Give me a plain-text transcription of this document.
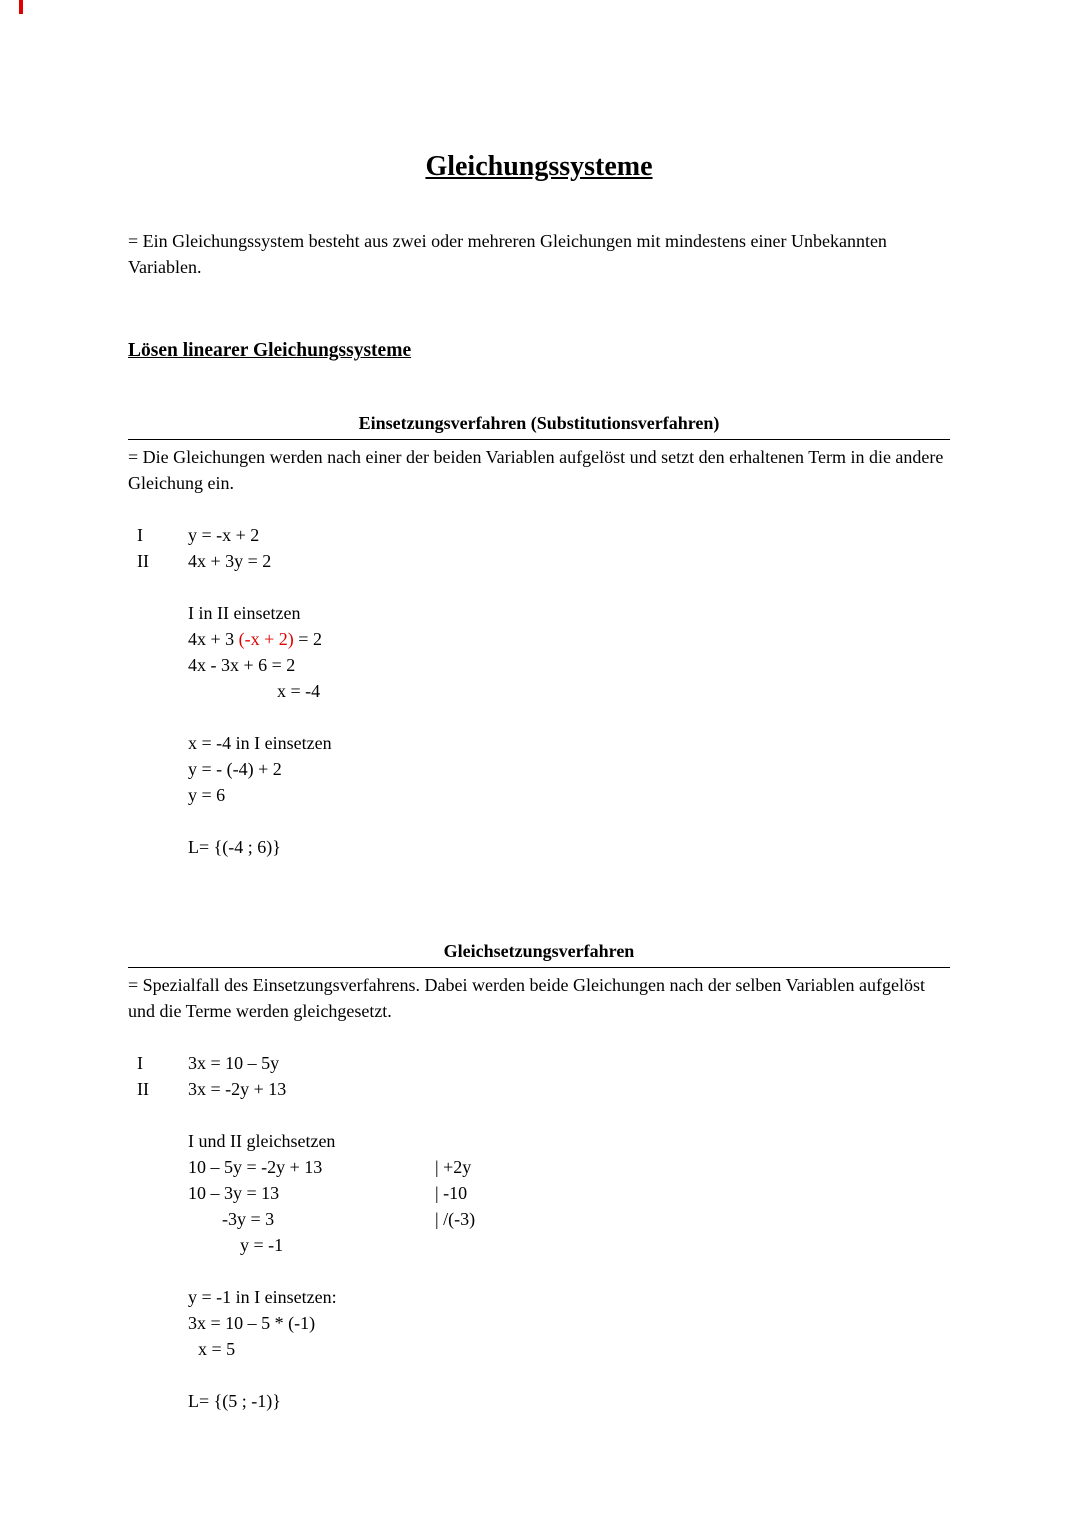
Gleichungssysteme

= Ein Gleichungssystem besteht aus zwei oder mehreren Gleichungen mit mindestens einer Unbekannten Variablen.

Lösen linearer Gleichungssysteme
Einsetzungsverfahren (Substitutionsverfahren)

= Die Gleichungen werden nach einer der beiden Variablen aufgelöst und setzt den erhaltenen Term in die andere Gleichung ein.

I	y = -x + 2
II	4x + 3y = 2
I in II einsetzen
4x + 3 (-x + 2) = 2
4x - 3x + 6 = 2
x = -4
x = -4 in I einsetzen
y = - (-4) + 2
y = 6
L= {(-4 ; 6)}
Gleichsetzungsverfahren

= Spezialfall des Einsetzungsverfahrens. Dabei werden beide Gleichungen nach der selben Variablen aufgelöst und die Terme werden gleichgesetzt.

I	3x = 10 – 5y
II	3x = -2y + 13
I und II gleichsetzen
10 – 5y = -2y + 13	| +2y
10 – 3y = 13	| -10
-3y = 3	| /(-3)
y = -1
y = -1 in I einsetzen:
3x = 10 – 5 * (-1)
x = 5
L= {(5 ; -1)}
